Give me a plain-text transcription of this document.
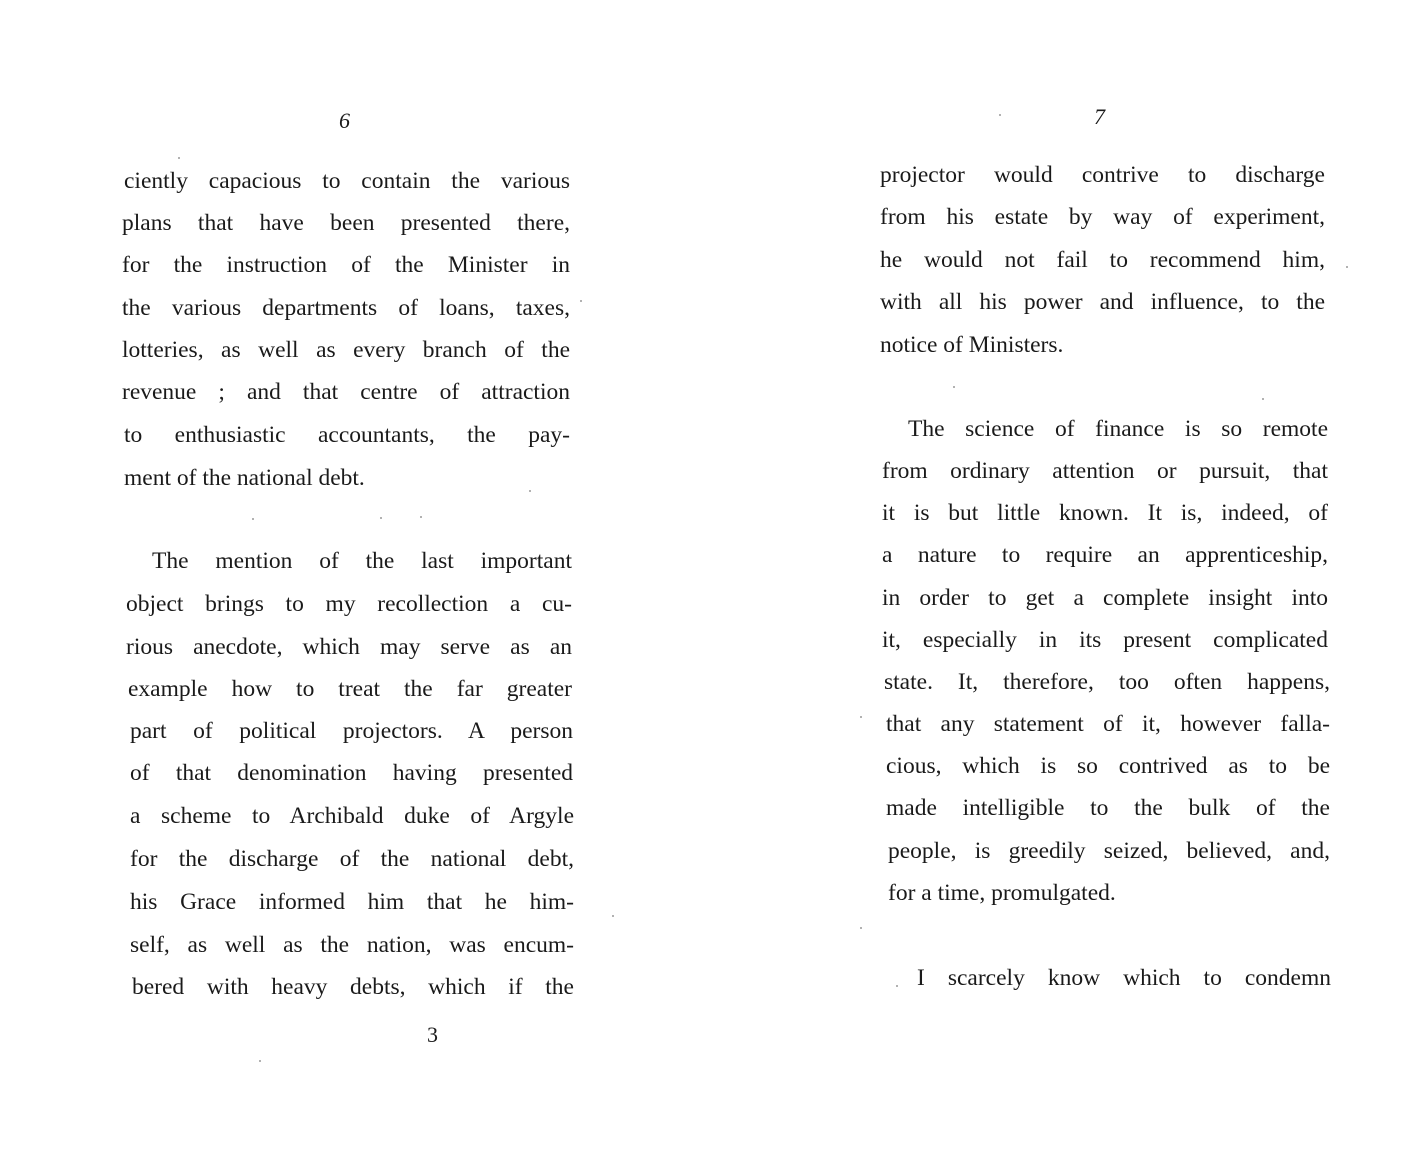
6
ciently capacious to contain the various
plans that have been presented there,
for the instruction of the Minister in
the various departments of loans, taxes,
lotteries, as well as every branch of the
revenue ; and that centre of attraction
to enthusiastic accountants, the pay-
ment of the national debt.
The mention of the last important
object brings to my recollection a cu-
rious anecdote, which may serve as an
example how to treat the far greater
part of political projectors. A person
of that denomination having presented
a scheme to Archibald duke of Argyle
for the discharge of the national debt,
his Grace informed him that he him-
self, as well as the nation, was encum-
bered with heavy debts, which if the
3
7
projector would contrive to discharge
from his estate by way of experiment,
he would not fail to recommend him,
with all his power and influence, to the
notice of Ministers.
The science of finance is so remote
from ordinary attention or pursuit, that
it is but little known. It is, indeed, of
a nature to require an apprenticeship,
in order to get a complete insight into
it, especially in its present complicated
state. It, therefore, too often happens,
that any statement of it, however falla-
cious, which is so contrived as to be
made intelligible to the bulk of the
people, is greedily seized, believed, and,
for a time, promulgated.
I scarcely know which to condemn
